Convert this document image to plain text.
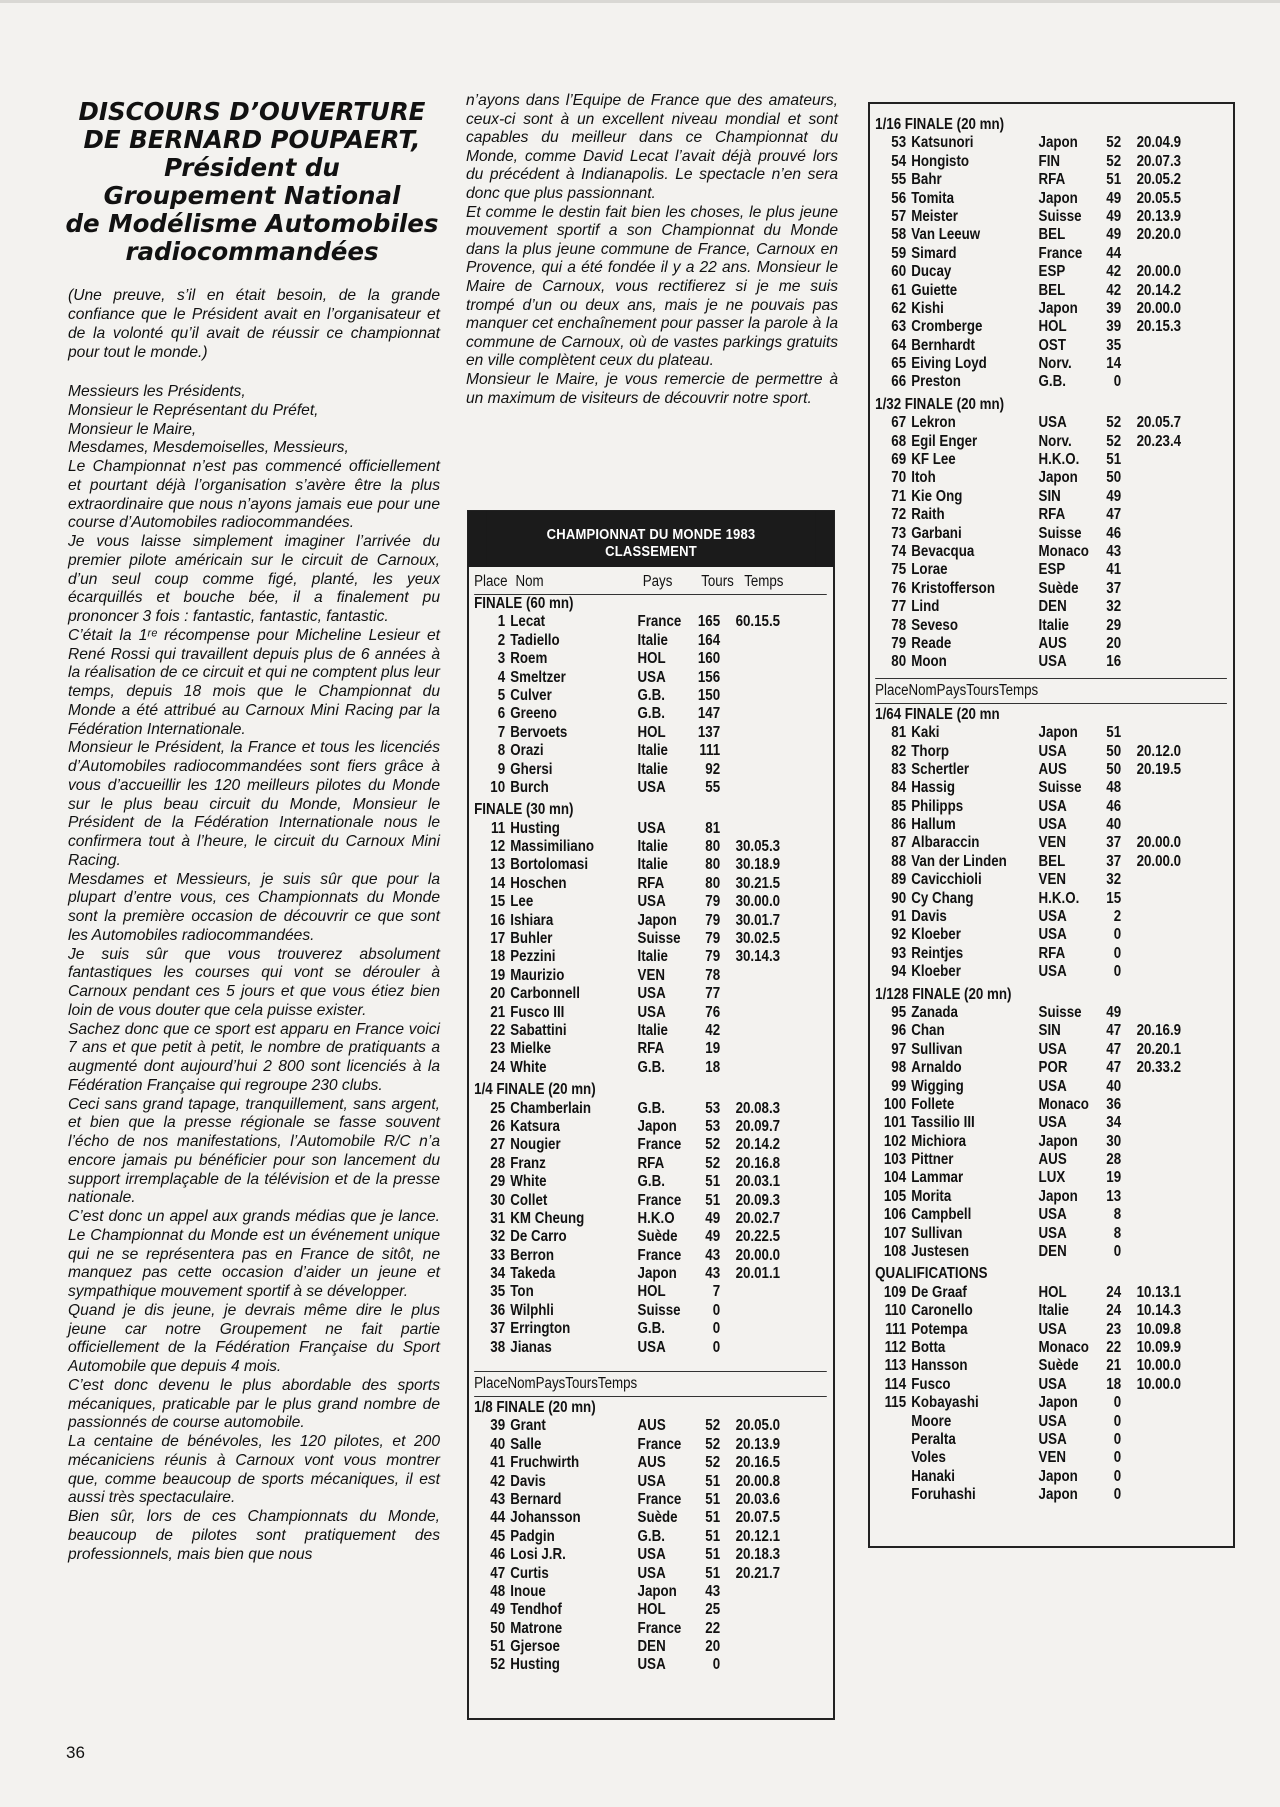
DISCOURS D’OUVERTURE
DE BERNARD POUPAERT,
Président du
Groupement National
de Modélisme Automobiles
radiocommandées

(Une preuve, s’il en était besoin, de la grande confiance que le Président avait en l’organisateur et de la volonté qu’il avait de réussir ce championnat pour tout le monde.)

Messieurs les Présidents,

Monsieur le Représentant du Préfet,

Monsieur le Maire,

Mesdames, Mesdemoiselles, Messieurs,

Le Championnat n’est pas commencé officiellement et pourtant déjà l’organisation s’avère être la plus extraordinaire que nous n’ayons jamais eue pour une course d’Automobiles radiocommandées.

Je vous laisse simplement imaginer l’arrivée du premier pilote américain sur le circuit de Carnoux, d’un seul coup comme figé, planté, les yeux écarquillés et bouche bée, il a finalement pu prononcer 3 fois : fantastic, fantastic, fantastic.

C’était la 1ʳᵉ récompense pour Micheline Lesieur et René Rossi qui travaillent depuis plus de 6 années à la réalisation de ce circuit et qui ne comptent plus leur temps, depuis 18 mois que le Championnat du Monde a été attribué au Carnoux Mini Racing par la Fédération Internationale.

Monsieur le Président, la France et tous les licenciés d’Automobiles radiocommandées sont fiers grâce à vous d’accueillir les 120 meilleurs pilotes du Monde sur le plus beau circuit du Monde, Monsieur le Président de la Fédération Internationale nous le confirmera tout à l’heure, le circuit du Carnoux Mini Racing.

Mesdames et Messieurs, je suis sûr que pour la plupart d’entre vous, ces Championnats du Monde sont la première occasion de découvrir ce que sont les Automobiles radiocommandées.

Je suis sûr que vous trouverez absolument fantastiques les courses qui vont se dérouler à Carnoux pendant ces 5 jours et que vous étiez bien loin de vous douter que cela puisse exister.

Sachez donc que ce sport est apparu en France voici 7 ans et que petit à petit, le nombre de pratiquants a augmenté dont aujourd’hui 2 800 sont licenciés à la Fédération Française qui regroupe 230 clubs.

Ceci sans grand tapage, tranquillement, sans argent, et bien que la presse régionale se fasse souvent l’écho de nos manifestations, l’Automobile R/C n’a encore jamais pu bénéficier pour son lancement du support irremplaçable de la télévision et de la presse nationale.

C’est donc un appel aux grands médias que je lance. Le Championnat du Monde est un événement unique qui ne se représentera pas en France de sitôt, ne manquez pas cette occasion d’aider un jeune et sympathique mouvement sportif à se développer.

Quand je dis jeune, je devrais même dire le plus jeune car notre Groupement ne fait partie officiellement de la Fédération Française du Sport Automobile que depuis 4 mois.

C’est donc devenu le plus abordable des sports mécaniques, praticable par le plus grand nombre de passionnés de course automobile.

La centaine de bénévoles, les 120 pilotes, et 200 mécaniciens réunis à Carnoux vont vous montrer que, comme beaucoup de sports mécaniques, il est aussi très spectaculaire.

Bien sûr, lors de ces Championnats du Monde, beaucoup de pilotes sont pratiquement des professionnels, mais bien que nous

n’ayons dans l’Equipe de France que des amateurs, ceux-ci sont à un excellent niveau mondial et sont capables du meilleur dans ce Championnat du Monde, comme David Lecat l’avait déjà prouvé lors du précédent à Indianapolis. Le spectacle n’en sera donc que plus passionnant.

Et comme le destin fait bien les choses, le plus jeune mouvement sportif a son Championnat du Monde dans la plus jeune commune de France, Carnoux en Provence, qui a été fondée il y a 22 ans. Monsieur le Maire de Carnoux, vous rectifierez si je me suis trompé d’un ou deux ans, mais je ne pouvais pas manquer cet enchaînement pour passer la parole à la commune de Carnoux, où de vastes parkings gratuits en ville complètent ceux du plateau.

Monsieur le Maire, je vous remercie de permettre à un maximum de visiteurs de découvrir notre sport.

CHAMPIONNAT DU MONDE 1983
CLASSEMENT
Place Nom	Pays	Tours Temps
FINALE (60 mn)
1 Lecat	France	165 60.15.5
2 Tadiello	Italie	164
3 Roem	HOL	160
4 Smeltzer	USA	156
5 Culver	G.B.	150
6 Greeno	G.B.	147
7 Bervoets	HOL	137
8 Orazi	Italie	111
9 Ghersi	Italie	92
10 Burch	USA	55
FINALE (30 mn)
11 Husting	USA	81
12 Massimiliano	Italie	80 30.05.3
13 Bortolomasi	Italie	80 30.18.9
14 Hoschen	RFA	80 30.21.5
15 Lee	USA	79 30.00.0
16 Ishiara	Japon	79 30.01.7
17 Buhler	Suisse	79 30.02.5
18 Pezzini	Italie	79 30.14.3
19 Maurizio	VEN	78
20 Carbonnell	USA	77
21 Fusco III	USA	76
22 Sabattini	Italie	42
23 Mielke	RFA	19
24 White	G.B.	18
1/4 FINALE (20 mn)
25 Chamberlain	G.B.	53 20.08.3
26 Katsura	Japon	53 20.09.7
27 Nougier	France	52 20.14.2
28 Franz	RFA	52 20.16.8
29 White	G.B.	51 20.03.1
30 Collet	France	51 20.09.3
31 KM Cheung	H.K.O	49 20.02.7
32 De Carro	Suède	49 20.22.5
33 Berron	France	43 20.00.0
34 Takeda	Japon	43 20.01.1
35 Ton	HOL	7
36 Wilphli	Suisse	0
37 Errington	G.B.	0
38 Jianas	USA	0
Place Nom Pays Tours Temps
1/8 FINALE (20 mn)
39 Grant	AUS	52 20.05.0
40 Salle	France	52 20.13.9
41 Fruchwirth	AUS	52 20.16.5
42 Davis	USA	51 20.00.8
43 Bernard	France	51 20.03.6
44 Johansson	Suède	51 20.07.5
45 Padgin	G.B.	51 20.12.1
46 Losi J.R.	USA	51 20.18.3
47 Curtis	USA	51 20.21.7
48 Inoue	Japon	43
49 Tendhof	HOL	25
50 Matrone	France	22
51 Gjersoe	DEN	20
52 Husting	USA	0
1/16 FINALE (20 mn)
53 Katsunori	Japon	52 20.04.9
54 Hongisto	FIN	52 20.07.3
55 Bahr	RFA	51 20.05.2
56 Tomita	Japon	49 20.05.5
57 Meister	Suisse	49 20.13.9
58 Van Leeuw	BEL	49 20.20.0
59 Simard	France	44
60 Ducay	ESP	42 20.00.0
61 Guiette	BEL	42 20.14.2
62 Kishi	Japon	39 20.00.0
63 Cromberge	HOL	39 20.15.3
64 Bernhardt	OST	35
65 Eiving Loyd	Norv.	14
66 Preston	G.B.	0
1/32 FINALE (20 mn)
67 Lekron	USA	52 20.05.7
68 Egil Enger	Norv.	52 20.23.4
69 KF Lee	H.K.O.	51
70 Itoh	Japon	50
71 Kie Ong	SIN	49
72 Raith	RFA	47
73 Garbani	Suisse	46
74 Bevacqua	Monaco	43
75 Lorae	ESP	41
76 Kristofferson	Suède	37
77 Lind	DEN	32
78 Seveso	Italie	29
79 Reade	AUS	20
80 Moon	USA	16
Place Nom Pays Tours Temps
1/64 FINALE (20 mn
81 Kaki	Japon	51
82 Thorp	USA	50 20.12.0
83 Schertler	AUS	50 20.19.5
84 Hassig	Suisse	48
85 Philipps	USA	46
86 Hallum	USA	40
87 Albaraccin	VEN	37 20.00.0
88 Van der Linden	BEL	37 20.00.0
89 Cavicchioli	VEN	32
90 Cy Chang	H.K.O.	15
91 Davis	USA	2
92 Kloeber	USA	0
93 Reintjes	RFA	0
94 Kloeber	USA	0
1/128 FINALE (20 mn)
95 Zanada	Suisse	49
96 Chan	SIN	47 20.16.9
97 Sullivan	USA	47 20.20.1
98 Arnaldo	POR	47 20.33.2
99 Wigging	USA	40
100 Follete	Monaco	36
101 Tassilio III	USA	34
102 Michiora	Japon	30
103 Pittner	AUS	28
104 Lammar	LUX	19
105 Morita	Japon	13
106 Campbell	USA	8
107 Sullivan	USA	8
108 Justesen	DEN	0
QUALIFICATIONS
109 De Graaf	HOL	24 10.13.1
110 Caronello	Italie	24 10.14.3
111 Potempa	USA	23 10.09.8
112 Botta	Monaco	22 10.09.9
113 Hansson	Suède	21 10.00.0
114 Fusco	USA	18 10.00.0
115 Kobayashi	Japon	0
Moore	USA	0
Peralta	USA	0
Voles	VEN	0
Hanaki	Japon	0
Foruhashi	Japon	0
36
